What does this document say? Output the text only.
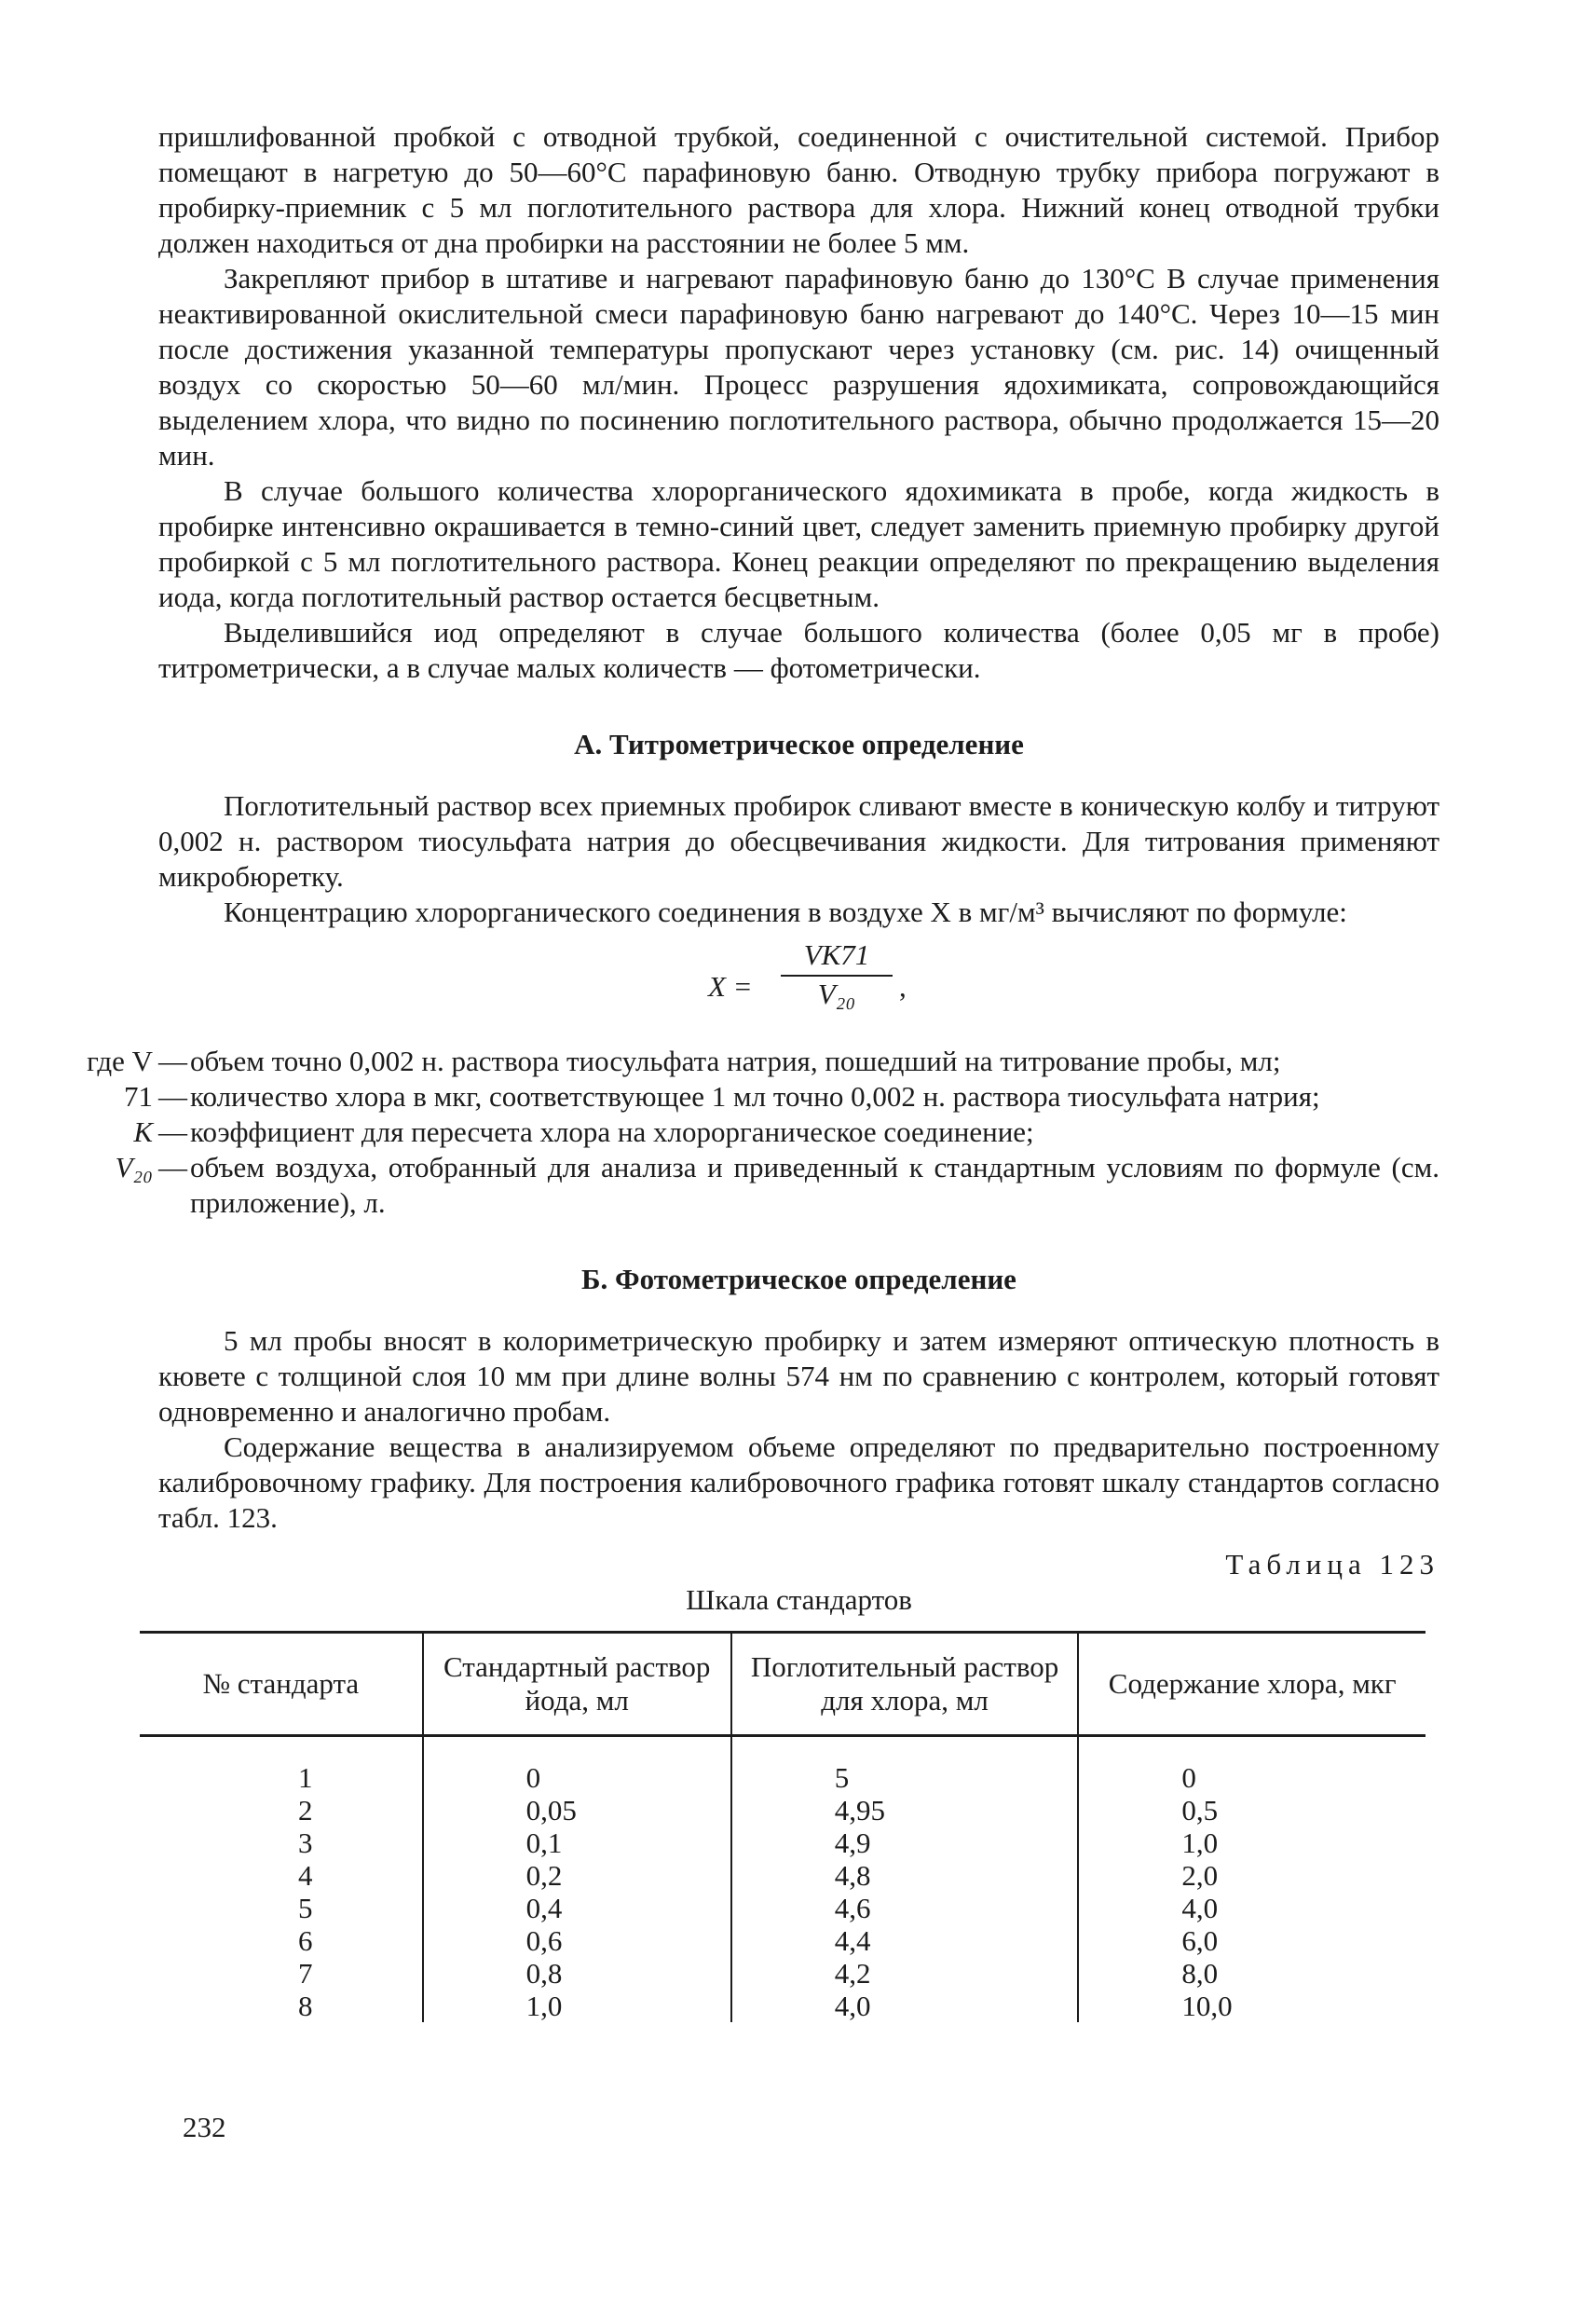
пришлифованной пробкой с отводной трубкой, соединенной с очистительной системой. Прибор помещают в нагретую до 50—60°С парафиновую баню. Отводную трубку прибора погружают в пробирку-приемник с 5 мл поглотительного раствора для хлора. Нижний конец отводной трубки должен находиться от дна пробирки на расстоянии не более 5 мм.

Закрепляют прибор в штативе и нагревают парафиновую баню до 130°С В случае применения неактивированной окислительной смеси парафиновую баню нагревают до 140°С. Через 10—15 мин после достижения указанной температуры пропускают через установку (см. рис. 14) очищенный воздух со скоростью 50—60 мл/мин. Процесс разрушения ядохимиката, сопровождающийся выделением хлора, что видно по посинению поглотительного раствора, обычно продолжается 15—20 мин.

В случае большого количества хлорорганического ядохимиката в пробе, когда жидкость в пробирке интенсивно окрашивается в темно-синий цвет, следует заменить приемную пробирку другой пробиркой с 5 мл поглотительного раствора. Конец реакции определяют по прекращению выделения иода, когда поглотительный раствор остается бесцветным.

Выделившийся иод определяют в случае большого количества (более 0,05 мг в пробе) титрометрически, а в случае малых количеств — фотометрически.

А. Титрометрическое определение

Поглотительный раствор всех приемных пробирок сливают вместе в коническую колбу и титруют 0,002 н. раствором тиосульфата натрия до обесцвечивания жидкости. Для титрования применяют микробюретку.

Концентрацию хлорорганического соединения в воздухе X в мг/м³ вычисляют по формуле:

$X = \frac{VK71}{\text{V₂₀}}$ ,
где V — объем точно 0,002 н. раствора тиосульфата натрия, пошедший на титрование пробы, мл;
71 — количество хлора в мкг, соответствующее 1 мл точно 0,002 н. раствора тиосульфата натрия;
K — коэффициент для пересчета хлора на хлорорганическое соединение;
V₂₀ — объем воздуха, отобранный для анализа и приведенный к стандартным условиям по формуле (см. приложение), л.
Б. Фотометрическое определение

5 мл пробы вносят в колориметрическую пробирку и затем измеряют оптическую плотность в кювете с толщиной слоя 10 мм при длине волны 574 нм по сравнению с контролем, который готовят одновременно и аналогично пробам.

Содержание вещества в анализируемом объеме определяют по предварительно построенному калибровочному графику. Для построения калибровочного графика готовят шкалу стандартов согласно табл. 123.

Таблица 123
Шкала стандартов
№ стандарта	Стандартный раствор йода, мл	Поглотительный раствор для хлора, мл	Содержание хлора, мкг
1	0	5	0
2	0,05	4,95	0,5
3	0,1	4,9	1,0
4	0,2	4,8	2,0
5	0,4	4,6	4,0
6	0,6	4,4	6,0
7	0,8	4,2	8,0
8	1,0	4,0	10,0
232
